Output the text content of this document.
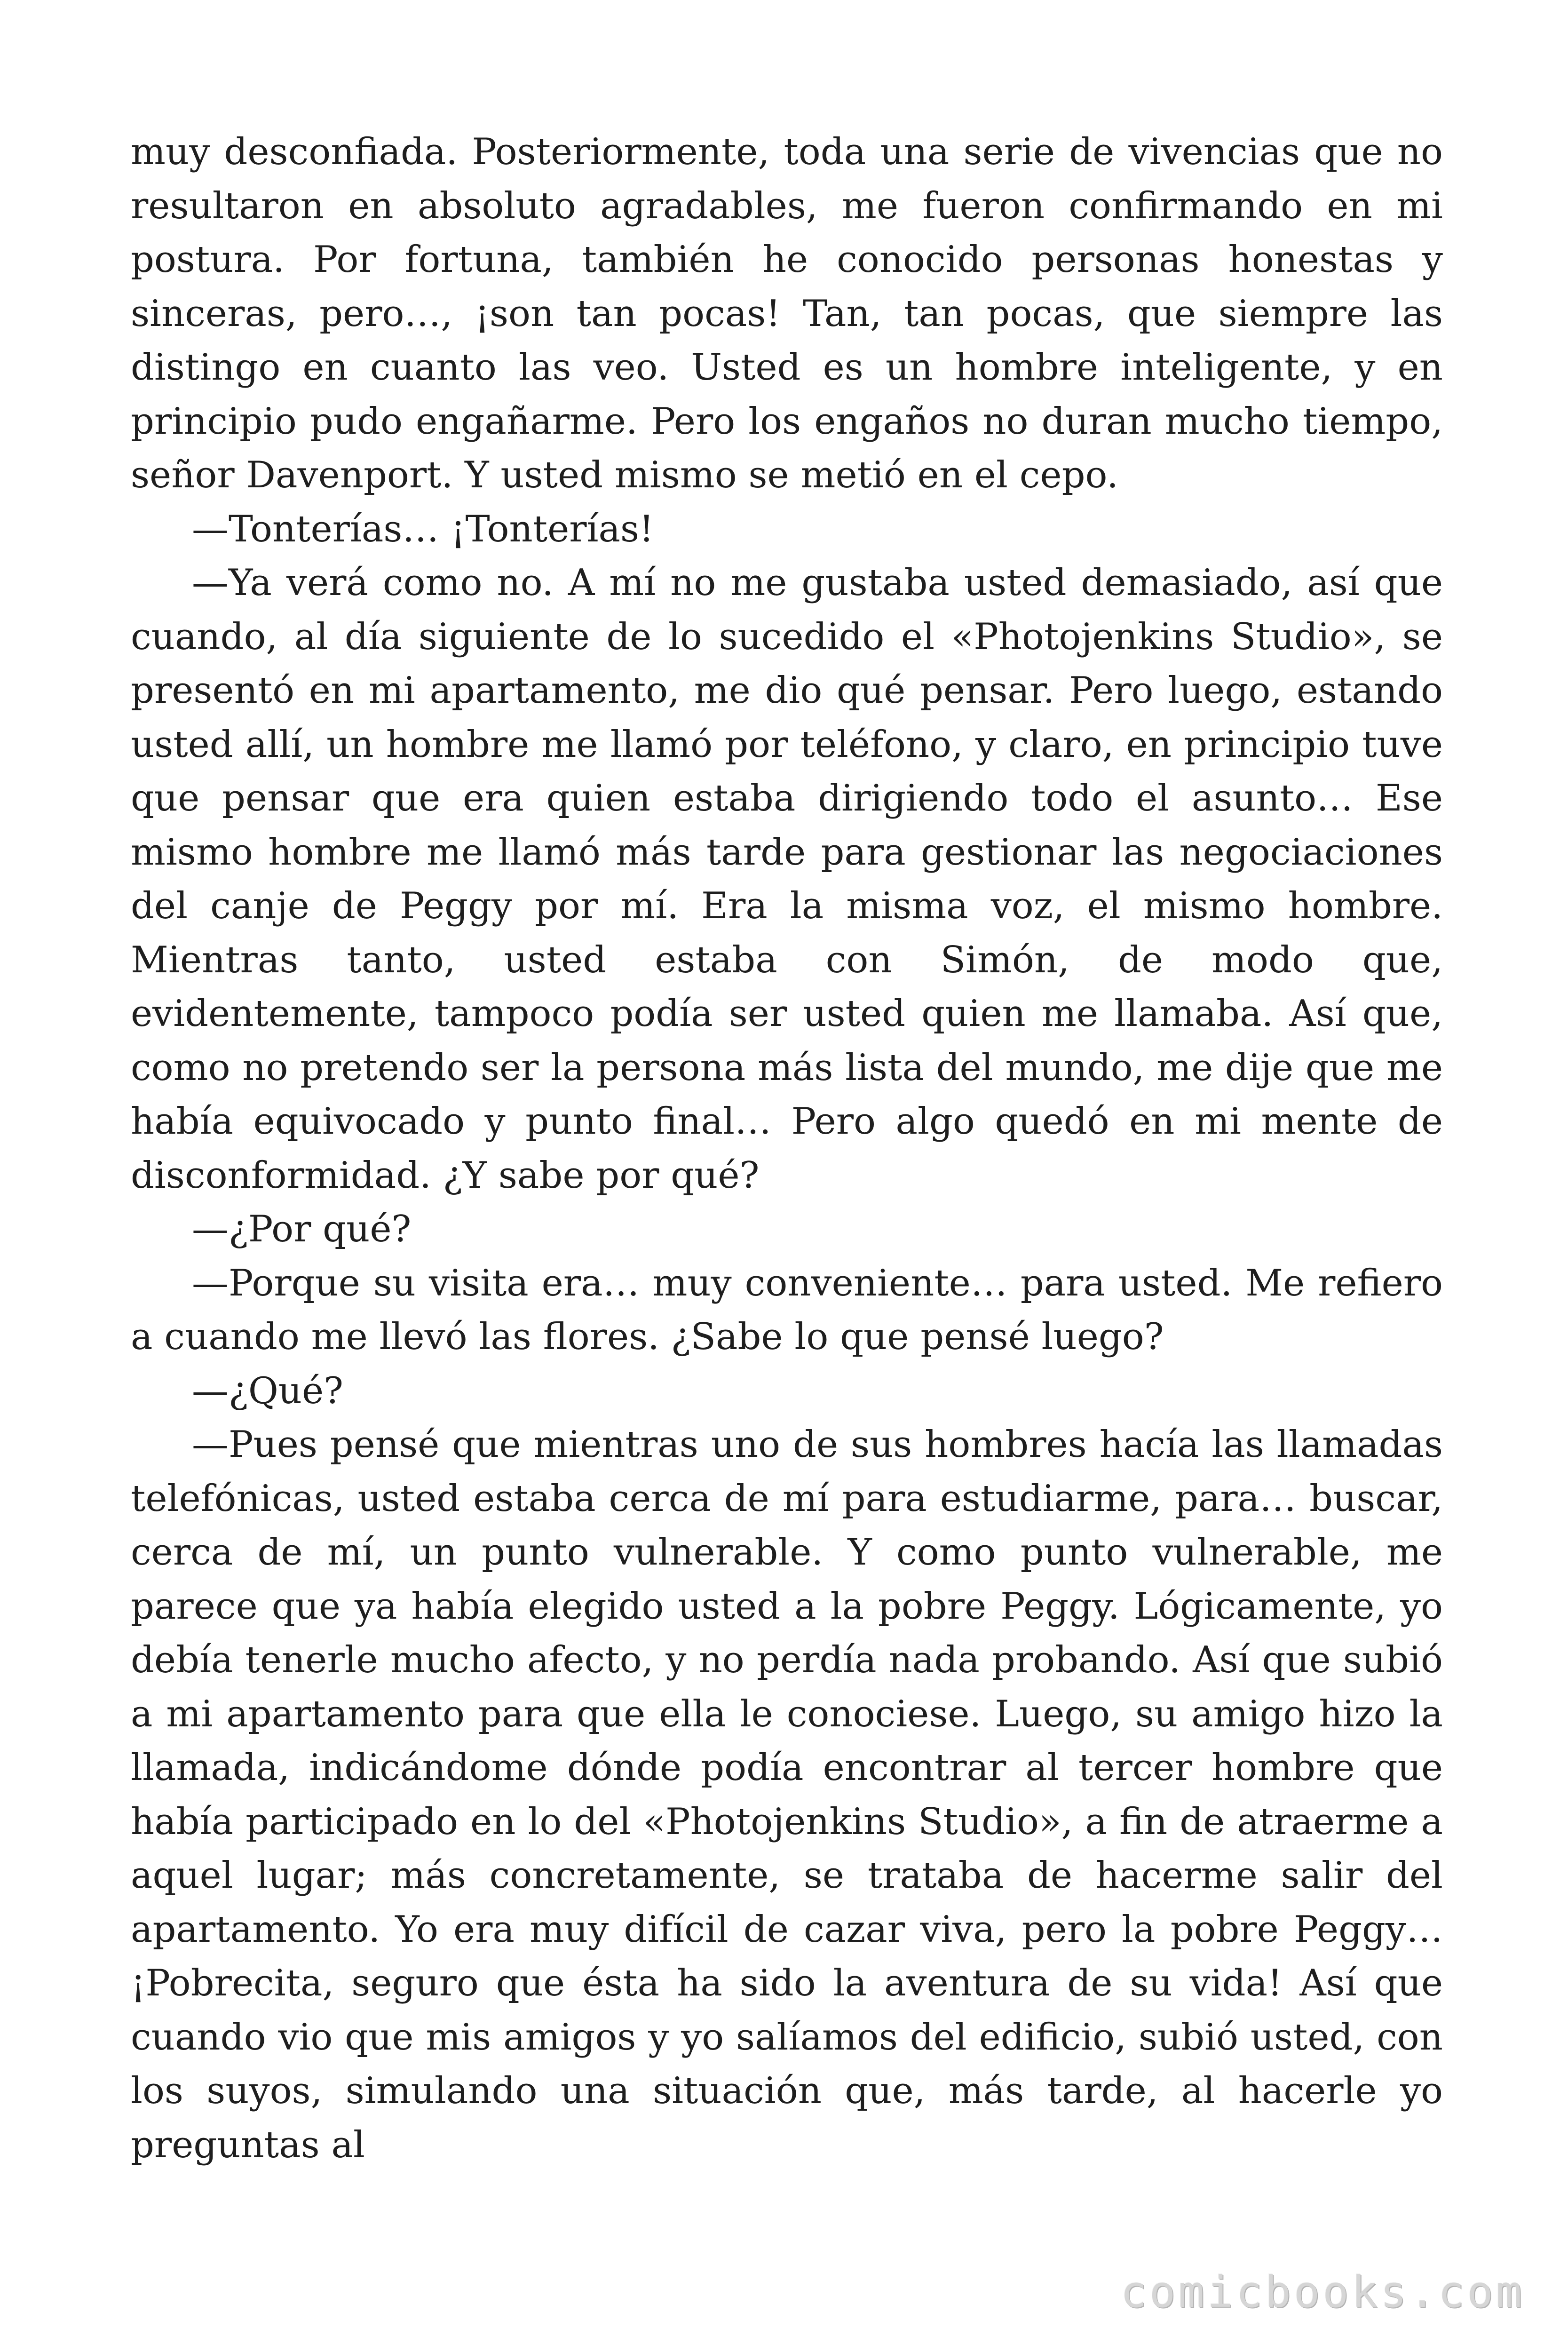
muy desconfiada. Posteriormente, toda una serie de vivencias que no resultaron en absoluto agradables, me fueron confirmando en mi postura. Por fortuna, también he conocido personas honestas y sinceras, pero…, ¡son tan pocas! Tan, tan pocas, que siempre las distingo en cuanto las veo. Usted es un hombre inteligente, y en principio pudo engañarme. Pero los engaños no duran mucho tiempo, señor Davenport. Y usted mismo se metió en el cepo.

—Tonterías… ¡Tonterías!

—Ya verá como no. A mí no me gustaba usted demasiado, así que cuando, al día siguiente de lo sucedido el «Photojenkins Studio», se presentó en mi apartamento, me dio qué pensar. Pero luego, estando usted allí, un hombre me llamó por teléfono, y claro, en principio tuve que pensar que era quien estaba dirigiendo todo el asunto… Ese mismo hombre me llamó más tarde para gestionar las negociaciones del canje de Peggy por mí. Era la misma voz, el mismo hombre. Mientras tanto, usted estaba con Simón, de modo que, evidentemente, tampoco podía ser usted quien me llamaba. Así que, como no pretendo ser la persona más lista del mundo, me dije que me había equivocado y punto final… Pero algo quedó en mi mente de disconformidad. ¿Y sabe por qué?

—¿Por qué?

—Porque su visita era… muy conveniente… para usted. Me refiero a cuando me llevó las flores. ¿Sabe lo que pensé luego?

—¿Qué?

—Pues pensé que mientras uno de sus hombres hacía las llamadas telefónicas, usted estaba cerca de mí para estudiarme, para… buscar, cerca de mí, un punto vulnerable. Y como punto vulnerable, me parece que ya había elegido usted a la pobre Peggy. Lógicamente, yo debía tenerle mucho afecto, y no perdía nada probando. Así que subió a mi apartamento para que ella le conociese. Luego, su amigo hizo la llamada, indicándome dónde podía encontrar al tercer hombre que había participado en lo del «Photojenkins Studio», a fin de atraerme a aquel lugar; más concretamente, se trataba de hacerme salir del apartamento. Yo era muy difícil de cazar viva, pero la pobre Peggy… ¡Pobrecita, seguro que ésta ha sido la aventura de su vida! Así que cuando vio que mis amigos y yo salíamos del edificio, subió usted, con los suyos, simulando una situación que, más tarde, al hacerle yo preguntas al

comicbooks.com
